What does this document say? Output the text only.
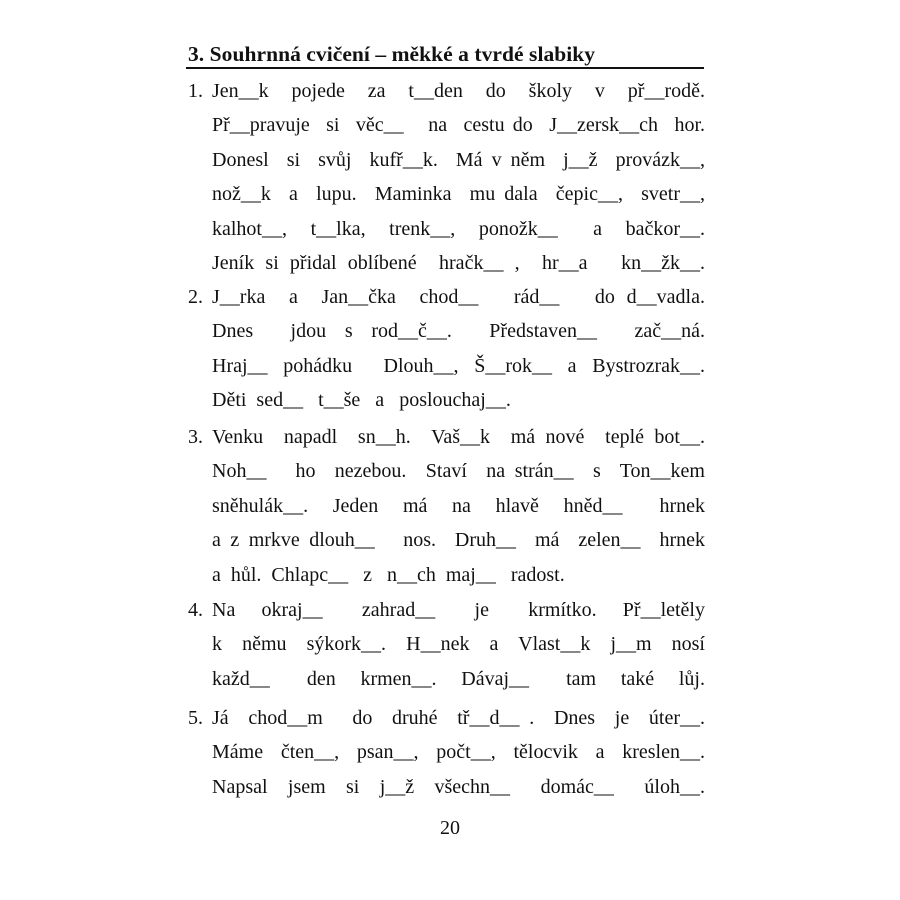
3. Souhrnná cvičení – měkké a tvrdé slabiky
1. Jen__k  pojede  za  t__den  do  školy  v  př__rodě.
Př__pravuje  si  věc__   na  cestu do  J__zersk__ch  hor.
Donesl  si  svůj  kufř__k.  Má v něm  j__ž  provázk__,
nož__k  a  lupu.  Maminka  mu dala  čepic__,  svetr__,
kalhot__,  t__lka,  trenk__,  ponožk__   a  bačkor__.
Jeník si přidal oblíbené  hračk__ ,  hr__a   kn__žk__.
2. J__rka  a  Jan__čka  chod__   rád__   do d__vadla.
Dnes  jdou s rod__č__.  Představen__  zač__ná.
Hraj__ pohádku  Dlouh__, Š__rok__ a Bystrozrak__.
Děti  sed__   t__še   a   poslouchaj__.
3. Venku  napadl  sn__h.  Vaš__k  má nové  teplé bot__.
Noh__   ho  nezebou.  Staví  na strán__  s  Ton__kem
sněhulák__.  Jeden  má  na  hlavě  hněd__   hrnek
a z mrkve dlouh__   nos.  Druh__  má  zelen__  hrnek
a  hůl.  Chlapc__   z   n__ch  maj__   radost.
4. Na  okraj__   zahrad__   je   krmítko.  Př__letěly
k  němu  sýkork__.  H__nek  a  Vlast__k  j__m  nosí
každ__   den  krmen__.  Dávaj__   tam  také  lůj.
5. Já  chod__m   do  druhé  tř__d__ .  Dnes  je  úter__.
Máme  čten__,  psan__,  počt__,  tělocvik  a  kreslen__.
Napsal  jsem  si  j__ž  všechn__   domác__   úloh__.
20
